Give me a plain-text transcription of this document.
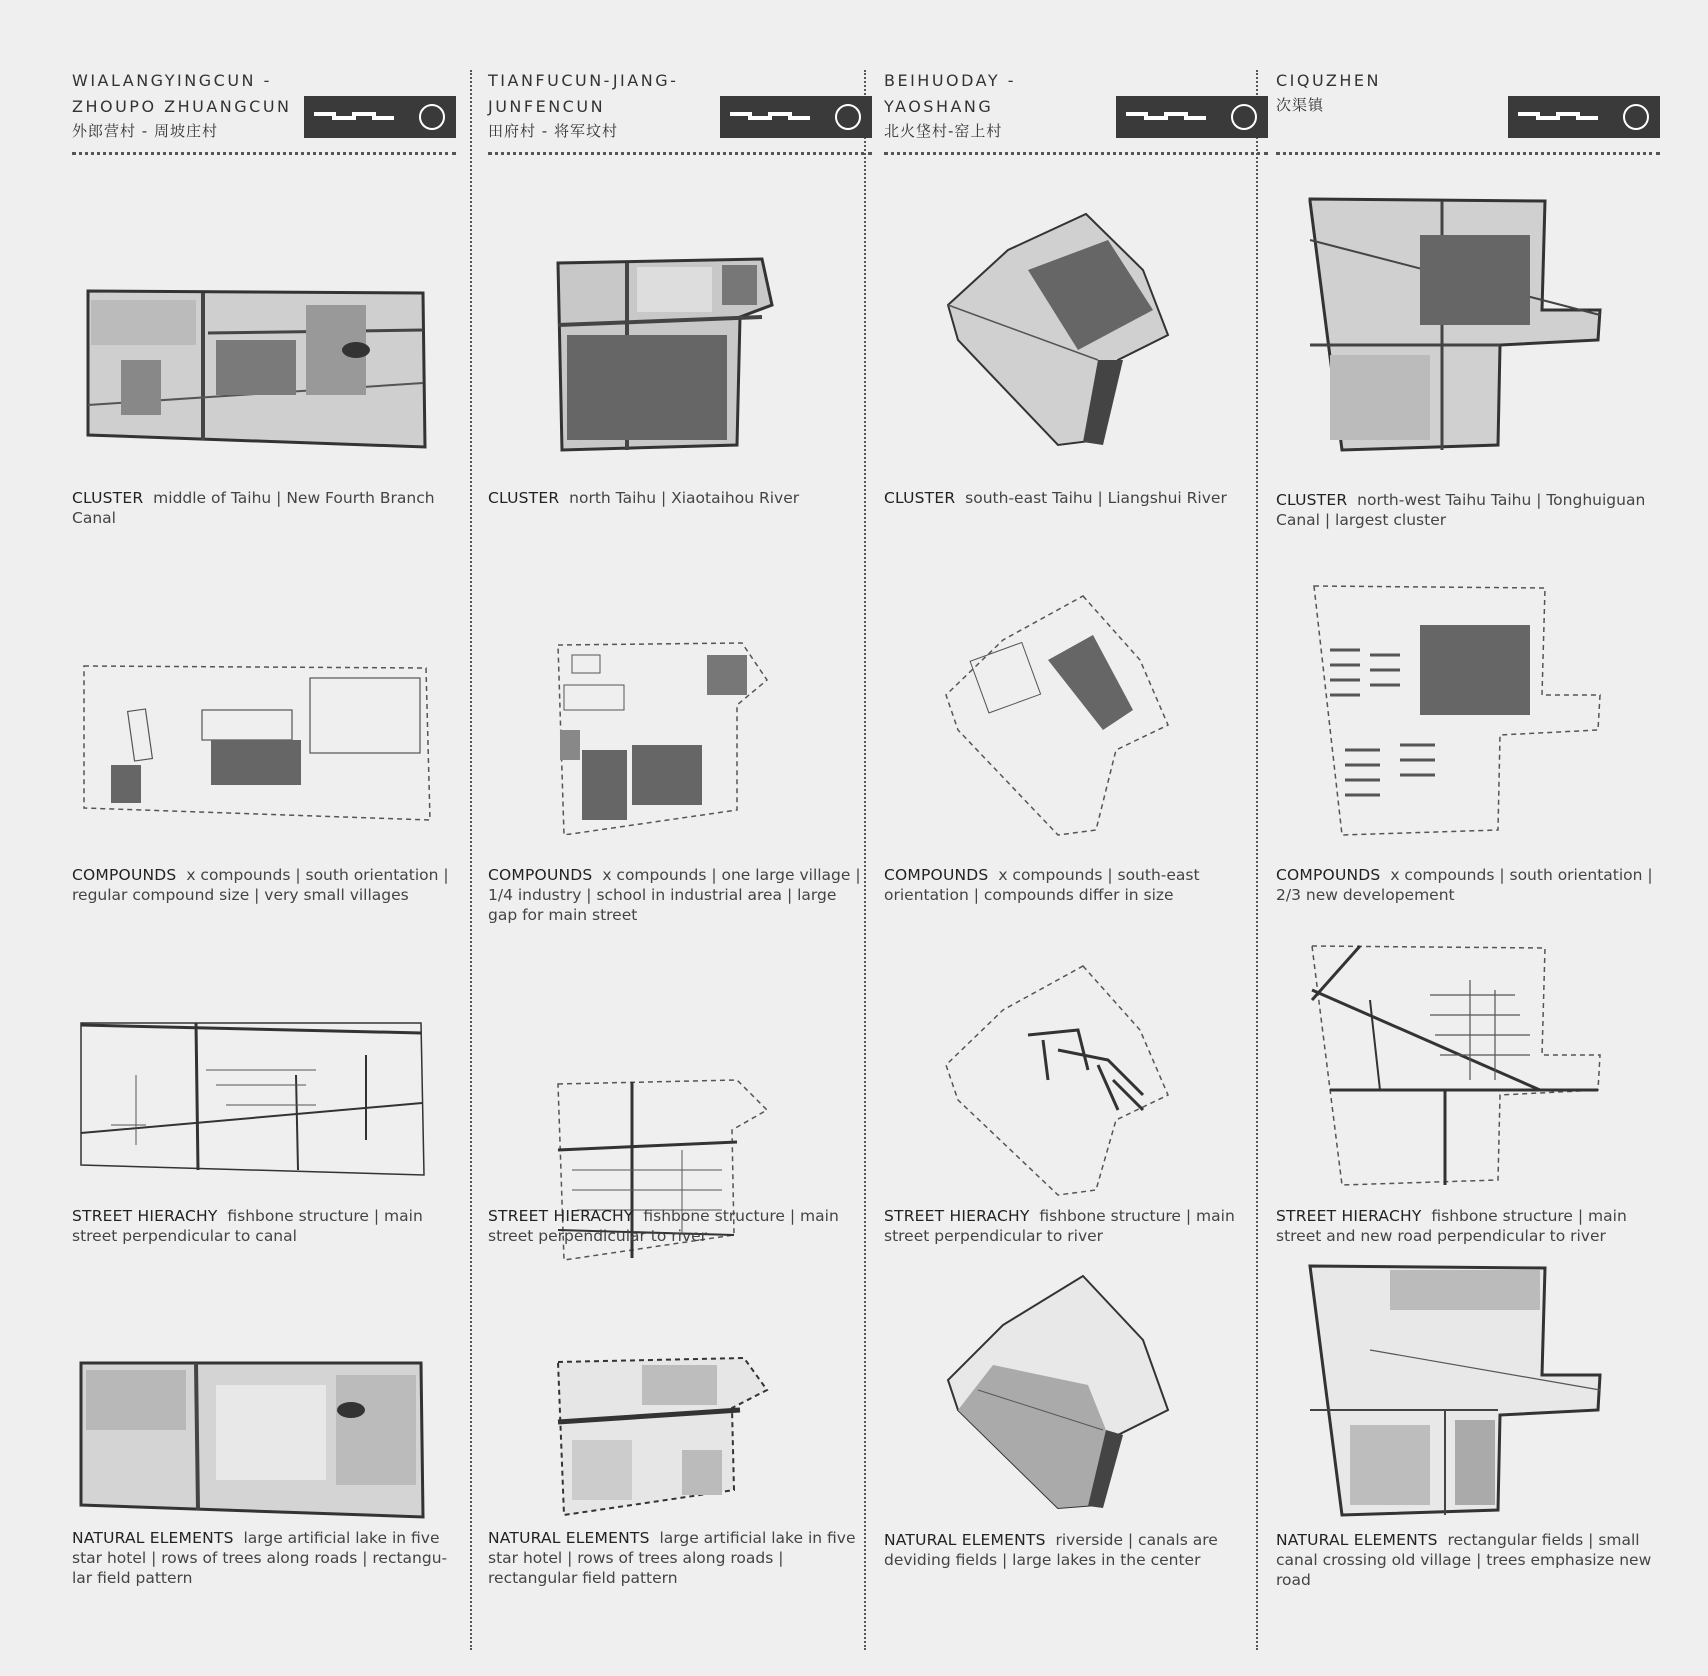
WIALANGYINGCUN -
ZHOUPO ZHUANGCUN
外郎营村 - 周坡庄村
CLUSTER middle of Taihu | New Fourth Branch Canal
COMPOUNDS x compounds | south orientation | regular compound size | very small villages
STREET HIERACHY fishbone structure | main street perpendicular to canal
NATURAL ELEMENTS large artificial lake in five star hotel | rows of trees along roads | rectangu-lar field pattern
TIANFUCUN-JIANG-
JUNFENCUN
田府村 - 将军坟村
CLUSTER north Taihu | Xiaotaihou River
COMPOUNDS x compounds | one large village | 1/4 industry | school in industrial area | large gap for main street
STREET HIERACHY fishbone structure | main street perpendicular to river
NATURAL ELEMENTS large artificial lake in five star hotel | rows of trees along roads | rectangular field pattern
BEIHUODAY -
YAOSHANG
北火垡村-窑上村
CLUSTER south-east Taihu | Liangshui River
COMPOUNDS x compounds | south-east orientation | compounds differ in size
STREET HIERACHY fishbone structure | main street perpendicular to river
NATURAL ELEMENTS riverside | canals are deviding fields | large lakes in the center
CIQUZHEN
次渠镇
CLUSTER north-west Taihu Taihu | Tonghuiguan Canal | largest cluster
COMPOUNDS x compounds | south orientation | 2/3 new developement
STREET HIERACHY fishbone structure | main street and new road perpendicular to river
NATURAL ELEMENTS rectangular fields | small canal crossing old village | trees emphasize new road
